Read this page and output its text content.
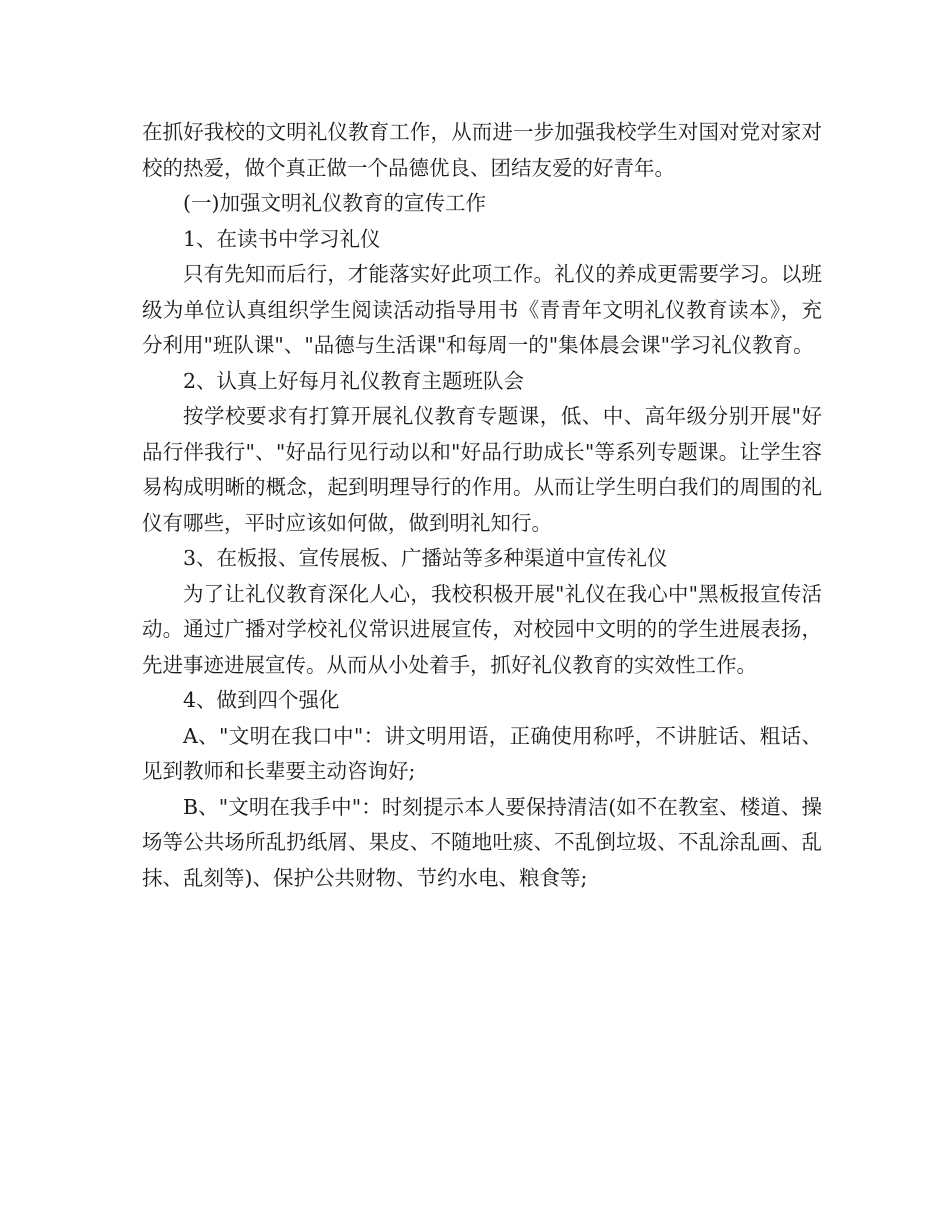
在抓好我校的文明礼仪教育工作，从而进一步加强我校学生对国对党对家对校的热爱，做个真正做一个品德优良、团结友爱的好青年。

(一)加强文明礼仪教育的宣传工作

1、在读书中学习礼仪

只有先知而后行，才能落实好此项工作。礼仪的养成更需要学习。以班级为单位认真组织学生阅读活动指导用书《青青年文明礼仪教育读本》，充分利用"班队课"、"品德与生活课"和每周一的"集体晨会课"学习礼仪教育。

2、认真上好每月礼仪教育主题班队会

按学校要求有打算开展礼仪教育专题课，低、中、高年级分别开展"好品行伴我行"、"好品行见行动以和"好品行助成长"等系列专题课。让学生容易构成明晰的概念，起到明理导行的作用。从而让学生明白我们的周围的礼仪有哪些，平时应该如何做，做到明礼知行。

3、在板报、宣传展板、广播站等多种渠道中宣传礼仪

为了让礼仪教育深化人心，我校积极开展"礼仪在我心中"黑板报宣传活动。通过广播对学校礼仪常识进展宣传，对校园中文明的的学生进展表扬，先进事迹进展宣传。从而从小处着手，抓好礼仪教育的实效性工作。

4、做到四个强化

A、"文明在我口中"：讲文明用语，正确使用称呼，不讲脏话、粗话、见到教师和长辈要主动咨询好;

B、"文明在我手中"：时刻提示本人要保持清洁(如不在教室、楼道、操场等公共场所乱扔纸屑、果皮、不随地吐痰、不乱倒垃圾、不乱涂乱画、乱抹、乱刻等)、保护公共财物、节约水电、粮食等;
